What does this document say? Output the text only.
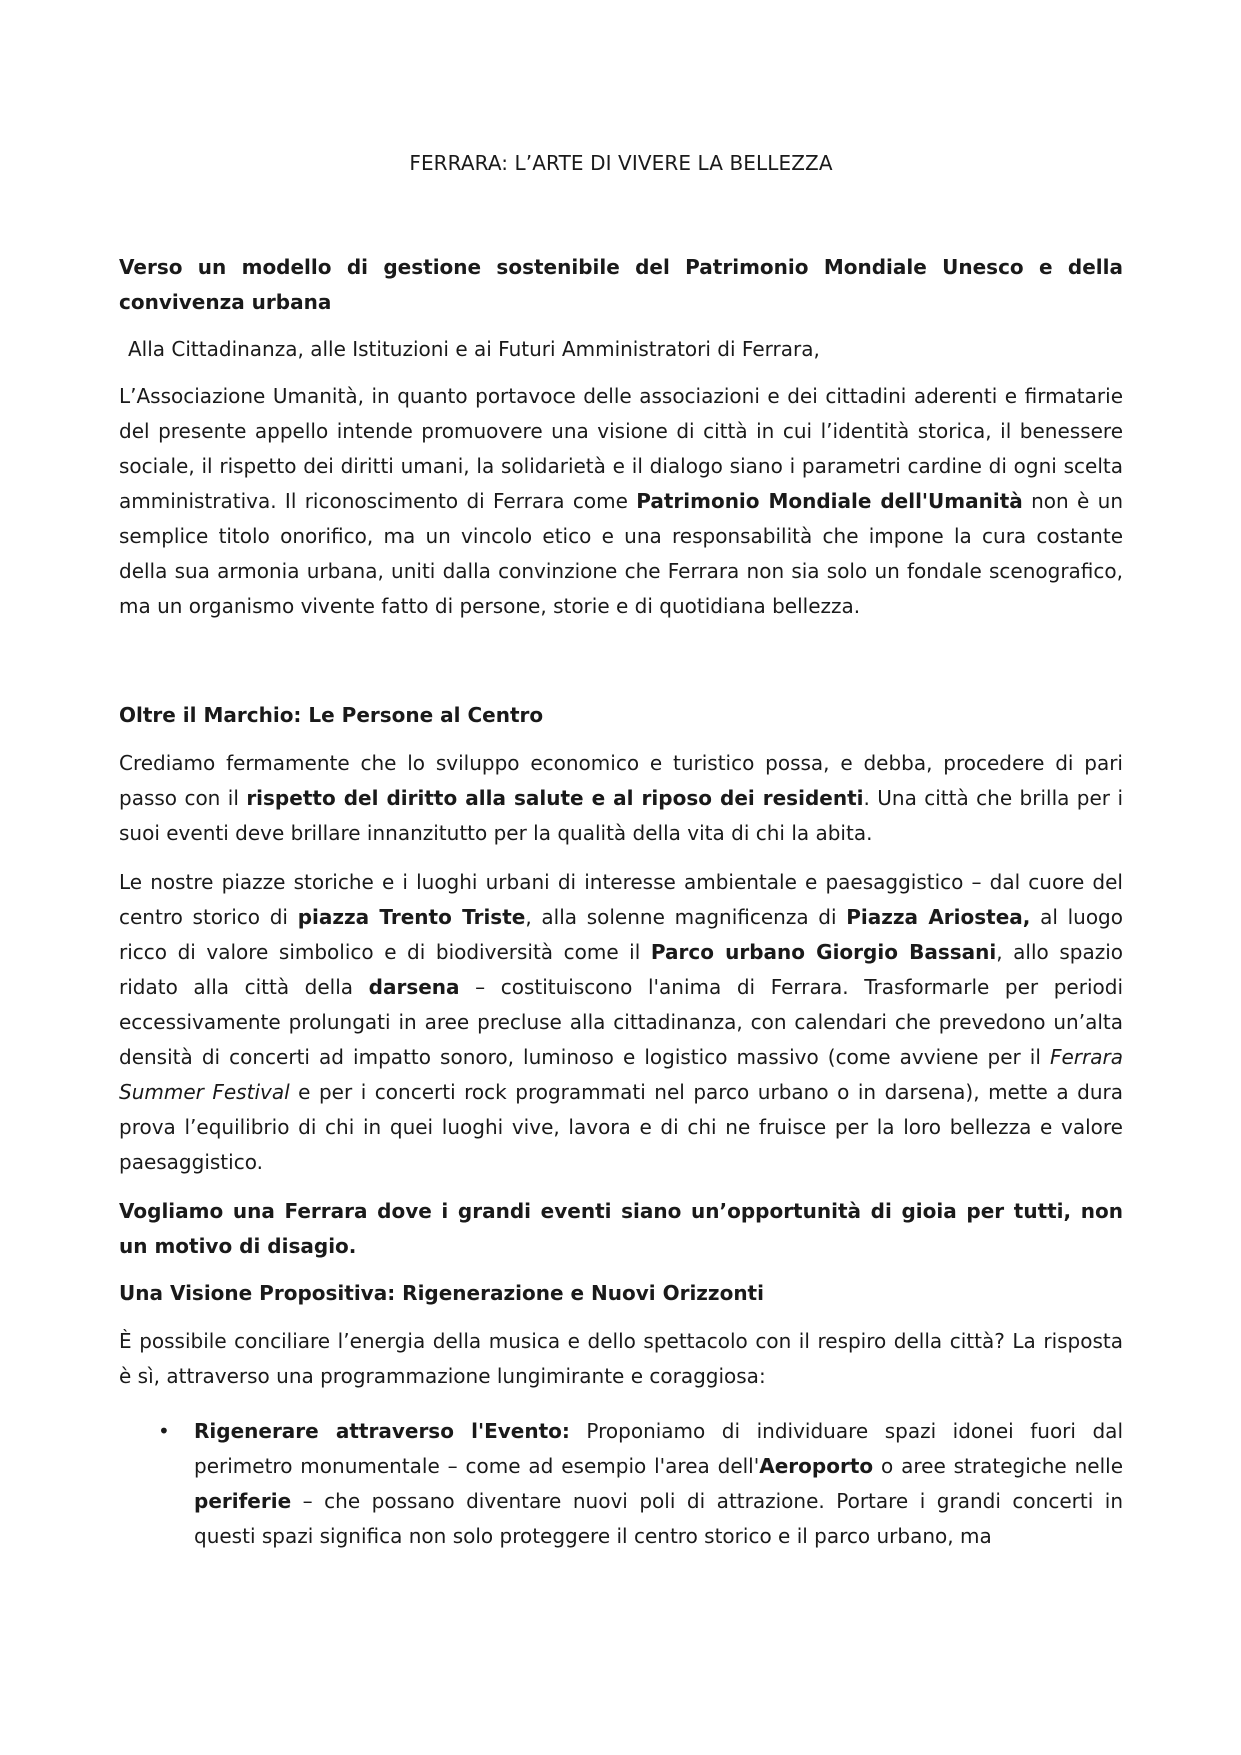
FERRARA: L’ARTE DI VIVERE LA BELLEZZA

Verso un modello di gestione sostenibile del Patrimonio Mondiale Unesco e della convivenza urbana

Alla Cittadinanza, alle Istituzioni e ai Futuri Amministratori di Ferrara,

L’Associazione Umanità, in quanto portavoce delle associazioni e dei cittadini aderenti e firmatarie del presente appello intende promuovere una visione di città in cui l’identità storica, il benessere sociale, il rispetto dei diritti umani, la solidarietà e il dialogo siano i parametri cardine di ogni scelta amministrativa. Il riconoscimento di Ferrara come Patrimonio Mondiale dell'Umanità non è un semplice titolo onorifico, ma un vincolo etico e una responsabilità che impone la cura costante della sua armonia urbana, uniti dalla convinzione che Ferrara non sia solo un fondale scenografico, ma un organismo vivente fatto di persone, storie e di quotidiana bellezza.

Oltre il Marchio: Le Persone al Centro

Crediamo fermamente che lo sviluppo economico e turistico possa, e debba, procedere di pari passo con il rispetto del diritto alla salute e al riposo dei residenti. Una città che brilla per i suoi eventi deve brillare innanzitutto per la qualità della vita di chi la abita.

Le nostre piazze storiche e i luoghi urbani di interesse ambientale e paesaggistico – dal cuore del centro storico di piazza Trento Triste, alla solenne magnificenza di Piazza Ariostea, al luogo ricco di valore simbolico e di biodiversità come il Parco urbano Giorgio Bassani, allo spazio ridato alla città della darsena – costituiscono l'anima di Ferrara. Trasformarle per periodi eccessivamente prolungati in aree precluse alla cittadinanza, con calendari che prevedono un’alta densità di concerti ad impatto sonoro, luminoso e logistico massivo (come avviene per il Ferrara Summer Festival e per i concerti rock programmati nel parco urbano o in darsena), mette a dura prova l’equilibrio di chi in quei luoghi vive, lavora e di chi ne fruisce per la loro bellezza e valore paesaggistico.

Vogliamo una Ferrara dove i grandi eventi siano un’opportunità di gioia per tutti, non un motivo di disagio.

Una Visione Propositiva: Rigenerazione e Nuovi Orizzonti

È possibile conciliare l’energia della musica e dello spettacolo con il respiro della città? La risposta è sì, attraverso una programmazione lungimirante e coraggiosa:

• Rigenerare attraverso l'Evento: Proponiamo di individuare spazi idonei fuori dal perimetro monumentale – come ad esempio l'area dell'Aeroporto o aree strategiche nelle periferie – che possano diventare nuovi poli di attrazione. Portare i grandi concerti in questi spazi significa non solo proteggere il centro storico e il parco urbano, ma
